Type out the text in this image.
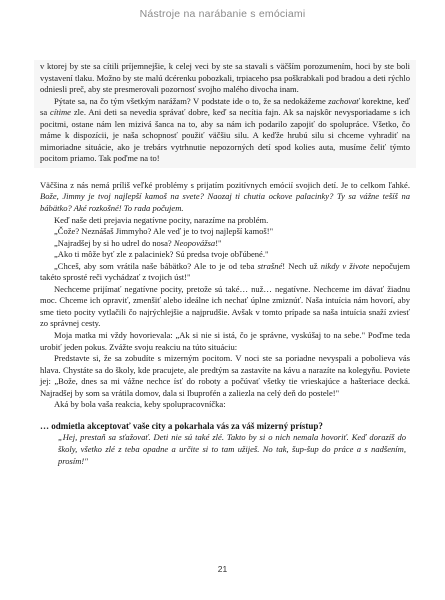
Nástroje na narábanie s emóciami

v ktorej by ste sa cítili príjemnejšie, k celej veci by ste sa stavali s väčším porozumením, hoci by ste boli vystavení tlaku. Možno by ste malú dcérenku pobozkali, trpiaceho psa poškrabkali pod bradou a deti rýchlo odniesli preč, aby ste presmerovali pozornosť svojho malého divocha inam.

Pýtate sa, na čo tým všetkým narážam? V podstate ide o to, že sa nedokážeme zachovať korektne, keď sa cítime zle. Ani deti sa nevedia správať dobre, keď sa necítia fajn. Ak sa najskôr nevysporiadame s ich pocitmi, ostane nám len mizivá šanca na to, aby sa nám ich podarilo zapojiť do spolupráce. Všetko, čo máme k dispozícii, je naša schopnosť použiť väčšiu silu. A keďže hrubú silu si chceme vyhradiť na mimoriadne situácie, ako je trebárs vytrhnutie nepozorných detí spod kolies auta, musíme čeliť týmto pocitom priamo. Tak poďme na to!

Väčšina z nás nemá príliš veľké problémy s prijatím pozitívnych emócií svojich detí. Je to celkom ľahké. Bože, Jimmy je tvoj najlepší kamoš na svete? Naozaj ti chutia ockove palacinky? Ty sa vážne tešíš na bábätko? Aké rozkošné! To rada počujem.

Keď naše deti prejavia negatívne pocity, narazíme na problém.

„Čože? Neznášaš Jimmyho? Ale veď je to tvoj najlepší kamoš!"

„Najradšej by si ho udrel do nosa? Neopovážsa!"

„Ako ti môže byť zle z palaciniek? Sú predsa tvoje obľúbené."

„Chceš, aby som vrátila naše bábätko? Ale to je od teba strašné! Nech už nikdy v živote nepočujem takéto sprosté reči vychádzať z tvojich úst!"

Nechceme prijímať negatívne pocity, pretože sú také… nuž… negatívne. Nechceme im dávať žiadnu moc. Chceme ich opraviť, zmenšiť alebo ideálne ich nechať úplne zmiznúť. Naša intuícia nám hovorí, aby sme tieto pocity vytlačili čo najrýchlejšie a najprudšie. Avšak v tomto prípade sa naša intuícia snaží zviesť zo správnej cesty.

Moja matka mi vždy hovorievala: „Ak si nie si istá, čo je správne, vyskúšaj to na sebe." Poďme teda urobiť jeden pokus. Zvážte svoju reakciu na túto situáciu:

Predstavte si, že sa zobudíte s mizerným pocitom. V noci ste sa poriadne nevyspali a pobolieva vás hlava. Chystáte sa do školy, kde pracujete, ale predtým sa zastavíte na kávu a narazíte na kolegyňu. Poviete jej: „Bože, dnes sa mi vážne nechce ísť do roboty a počúvať všetky tie vrieskajúce a hašteriace decká. Najradšej by som sa vrátila domov, dala si Ibuprofén a zaliezla na celý deň do postele!"

Aká by bola vaša reakcia, keby spolupracovníčka:

… odmietla akceptovať vaše city a pokarhala vás za váš mizerný prístup?

„Hej, prestaň sa sťažovať. Deti nie sú také zlé. Takto by si o nich nemala hovoriť. Keď dorazíš do školy, všetko zlé z teba opadne a určite si to tam užiješ. No tak, šup-šup do práce a s nadšením, prosím!"

21
